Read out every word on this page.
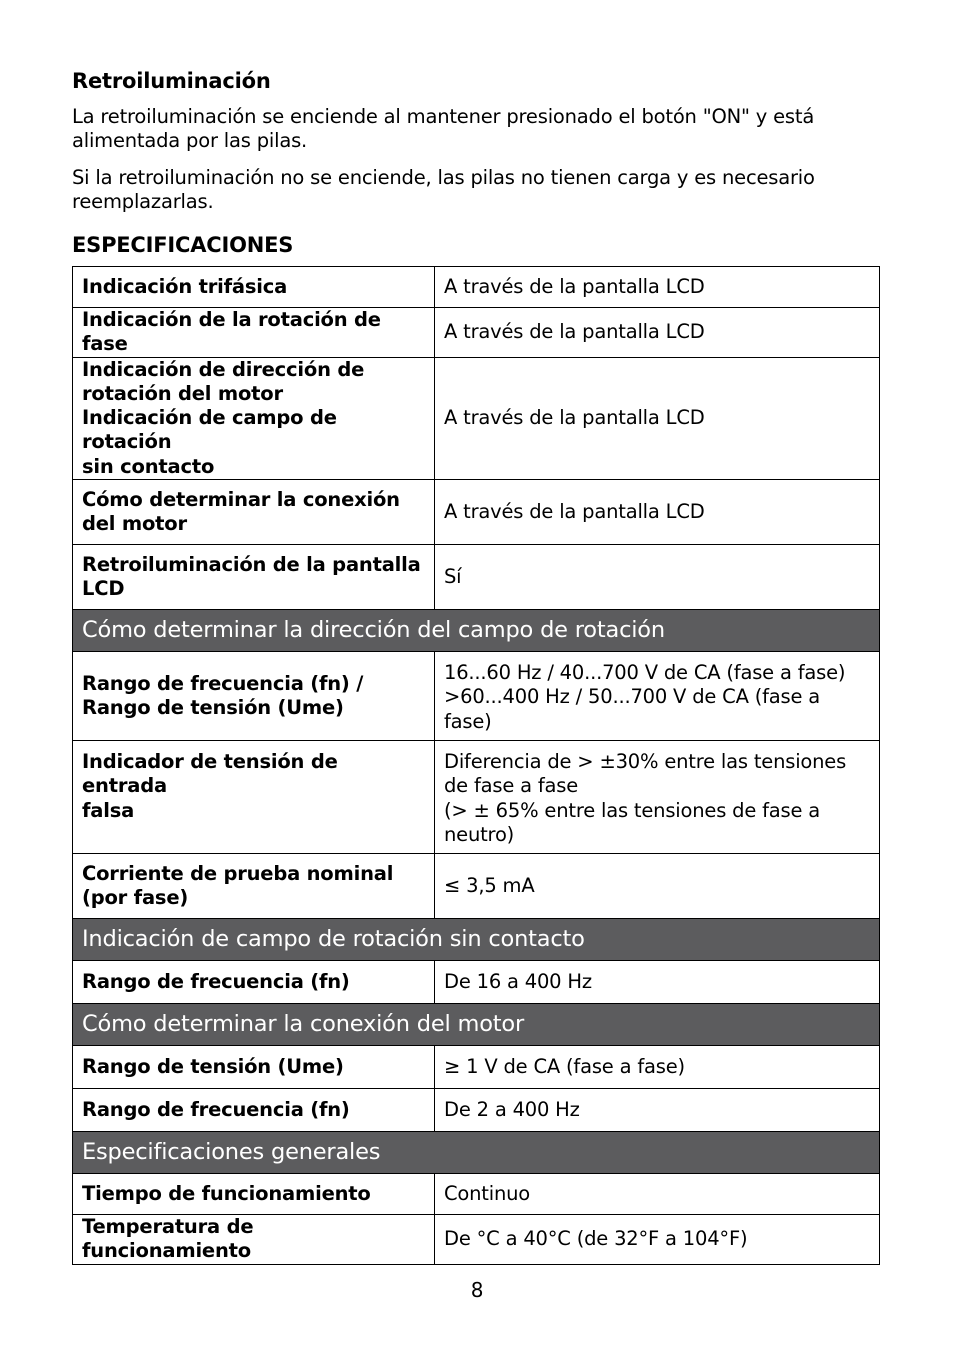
Retroiluminación

La retroiluminación se enciende al mantener presionado el botón "ON" y está alimentada por las pilas.

Si la retroiluminación no se enciende, las pilas no tienen carga y es necesario reemplazarlas.

ESPECIFICACIONES
Indicación trifásica	A través de la pantalla LCD
Indicación de la rotación de fase	A través de la pantalla LCD

Indicación de dirección de
rotación del motor
Indicación de campo de rotación
sin contacto	A través de la pantalla LCD

Cómo determinar la conexión
del motor	A través de la pantalla LCD

Retroiluminación de la pantalla
LCD	Sí
Cómo determinar la dirección del campo de rotación	

Rango de frecuencia (fn) /
Rango de tensión (Ume)	16...60 Hz / 40...700 V de CA (fase a fase)
>60...400 Hz / 50...700 V de CA (fase a
fase)

Indicador de tensión de entrada
falsa	Diferencia de > ±30% entre las tensiones
de fase a fase
(> ± 65% entre las tensiones de fase a
neutro)

Corriente de prueba nominal
(por fase)	≤ 3,5 mA
Indicación de campo de rotación sin contacto	
Rango de frecuencia (fn)	De 16 a 400 Hz
Cómo determinar la conexión del motor	
Rango de tensión (Ume)	≥ 1 V de CA (fase a fase)
Rango de frecuencia (fn)	De 2 a 400 Hz
Especificaciones generales	
Tiempo de funcionamiento	Continuo
Temperatura de funcionamiento	De °C a 40°C (de 32°F a 104°F)
8
